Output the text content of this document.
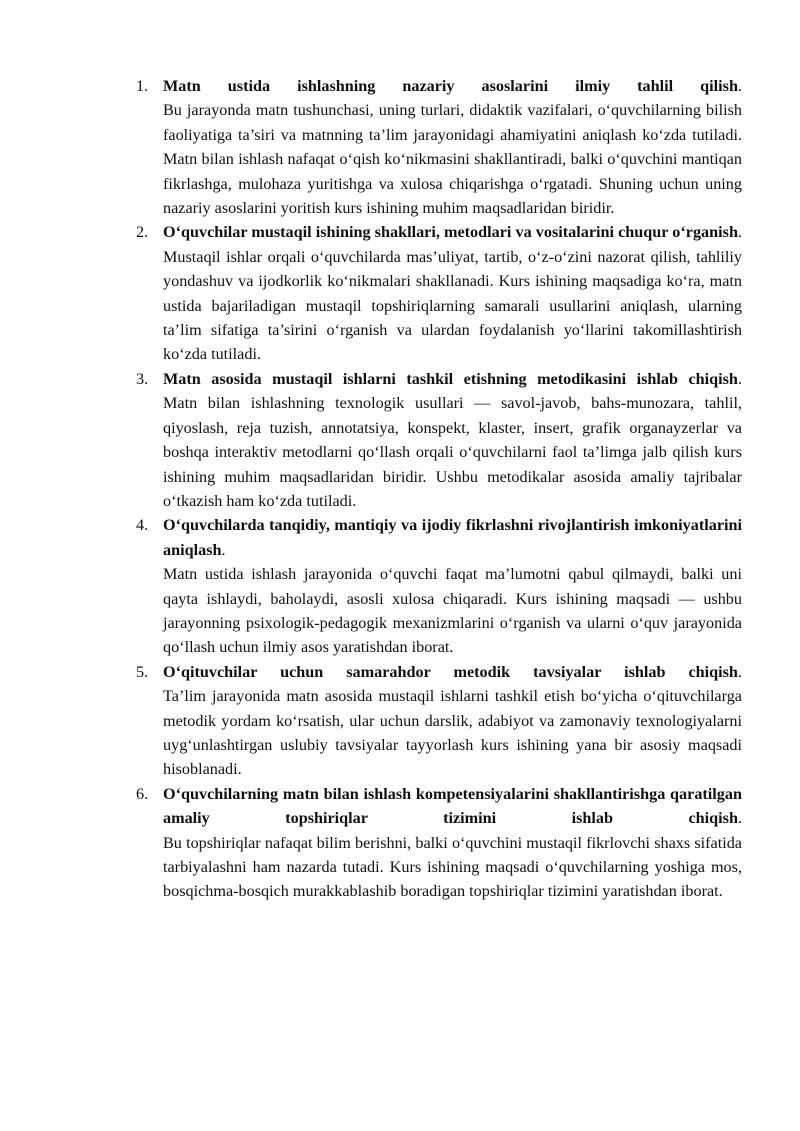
1. Matn ustida ishlashning nazariy asoslarini ilmiy tahlil qilish.
Bu jarayonda matn tushunchasi, uning turlari, didaktik vazifalari, o‘quvchilarning bilish faoliyatiga ta’siri va matnning ta’lim jarayonidagi ahamiyatini aniqlash ko‘zda tutiladi. Matn bilan ishlash nafaqat o‘qish ko‘nikmasini shakllantiradi, balki o‘quvchini mantiqan fikrlashga, mulohaza yuritishga va xulosa chiqarishga o‘rgatadi. Shuning uchun uning nazariy asoslarini yoritish kurs ishining muhim maqsadlaridan biridir.
2. O‘quvchilar mustaqil ishining shakllari, metodlari va vositalarini chuqur o‘rganish.
Mustaqil ishlar orqali o‘quvchilarda mas’uliyat, tartib, o‘z-o‘zini nazorat qilish, tahliliy yondashuv va ijodkorlik ko‘nikmalari shakllanadi. Kurs ishining maqsadiga ko‘ra, matn ustida bajariladigan mustaqil topshiriqlarning samarali usullarini aniqlash, ularning ta’lim sifatiga ta’sirini o‘rganish va ulardan foydalanish yo‘llarini takomillashtirish ko‘zda tutiladi.
3. Matn asosida mustaqil ishlarni tashkil etishning metodikasini ishlab chiqish.
Matn bilan ishlashning texnologik usullari — savol-javob, bahs-munozara, tahlil, qiyoslash, reja tuzish, annotatsiya, konspekt, klaster, insert, grafik organayzerlar va boshqa interaktiv metodlarni qo‘llash orqali o‘quvchilarni faol ta’limga jalb qilish kurs ishining muhim maqsadlaridan biridir. Ushbu metodikalar asosida amaliy tajribalar o‘tkazish ham ko‘zda tutiladi.
4. O‘quvchilarda tanqidiy, mantiqiy va ijodiy fikrlashni rivojlantirish imkoniyatlarini aniqlash.
Matn ustida ishlash jarayonida o‘quvchi faqat ma’lumotni qabul qilmaydi, balki uni qayta ishlaydi, baholaydi, asosli xulosa chiqaradi. Kurs ishining maqsadi — ushbu jarayonning psixologik-pedagogik mexanizmlarini o‘rganish va ularni o‘quv jarayonida qo‘llash uchun ilmiy asos yaratishdan iborat.
5. O‘qituvchilar uchun samarahdor metodik tavsiyalar ishlab chiqish.
Ta’lim jarayonida matn asosida mustaqil ishlarni tashkil etish bo‘yicha o‘qituvchilarga metodik yordam ko‘rsatish, ular uchun darslik, adabiyot va zamonaviy texnologiyalarni uyg‘unlashtirgan uslubiy tavsiyalar tayyorlash kurs ishining yana bir asosiy maqsadi hisoblanadi.
6. O‘quvchilarning matn bilan ishlash kompetensiyalarini shakllantirishga qaratilgan amaliy topshiriqlar tizimini ishlab chiqish.
Bu topshiriqlar nafaqat bilim berishni, balki o‘quvchini mustaqil fikrlovchi shaxs sifatida tarbiyalashni ham nazarda tutadi. Kurs ishining maqsadi o‘quvchilarning yoshiga mos, bosqichma-bosqich murakkablashib boradigan topshiriqlar tizimini yaratishdan iborat.
